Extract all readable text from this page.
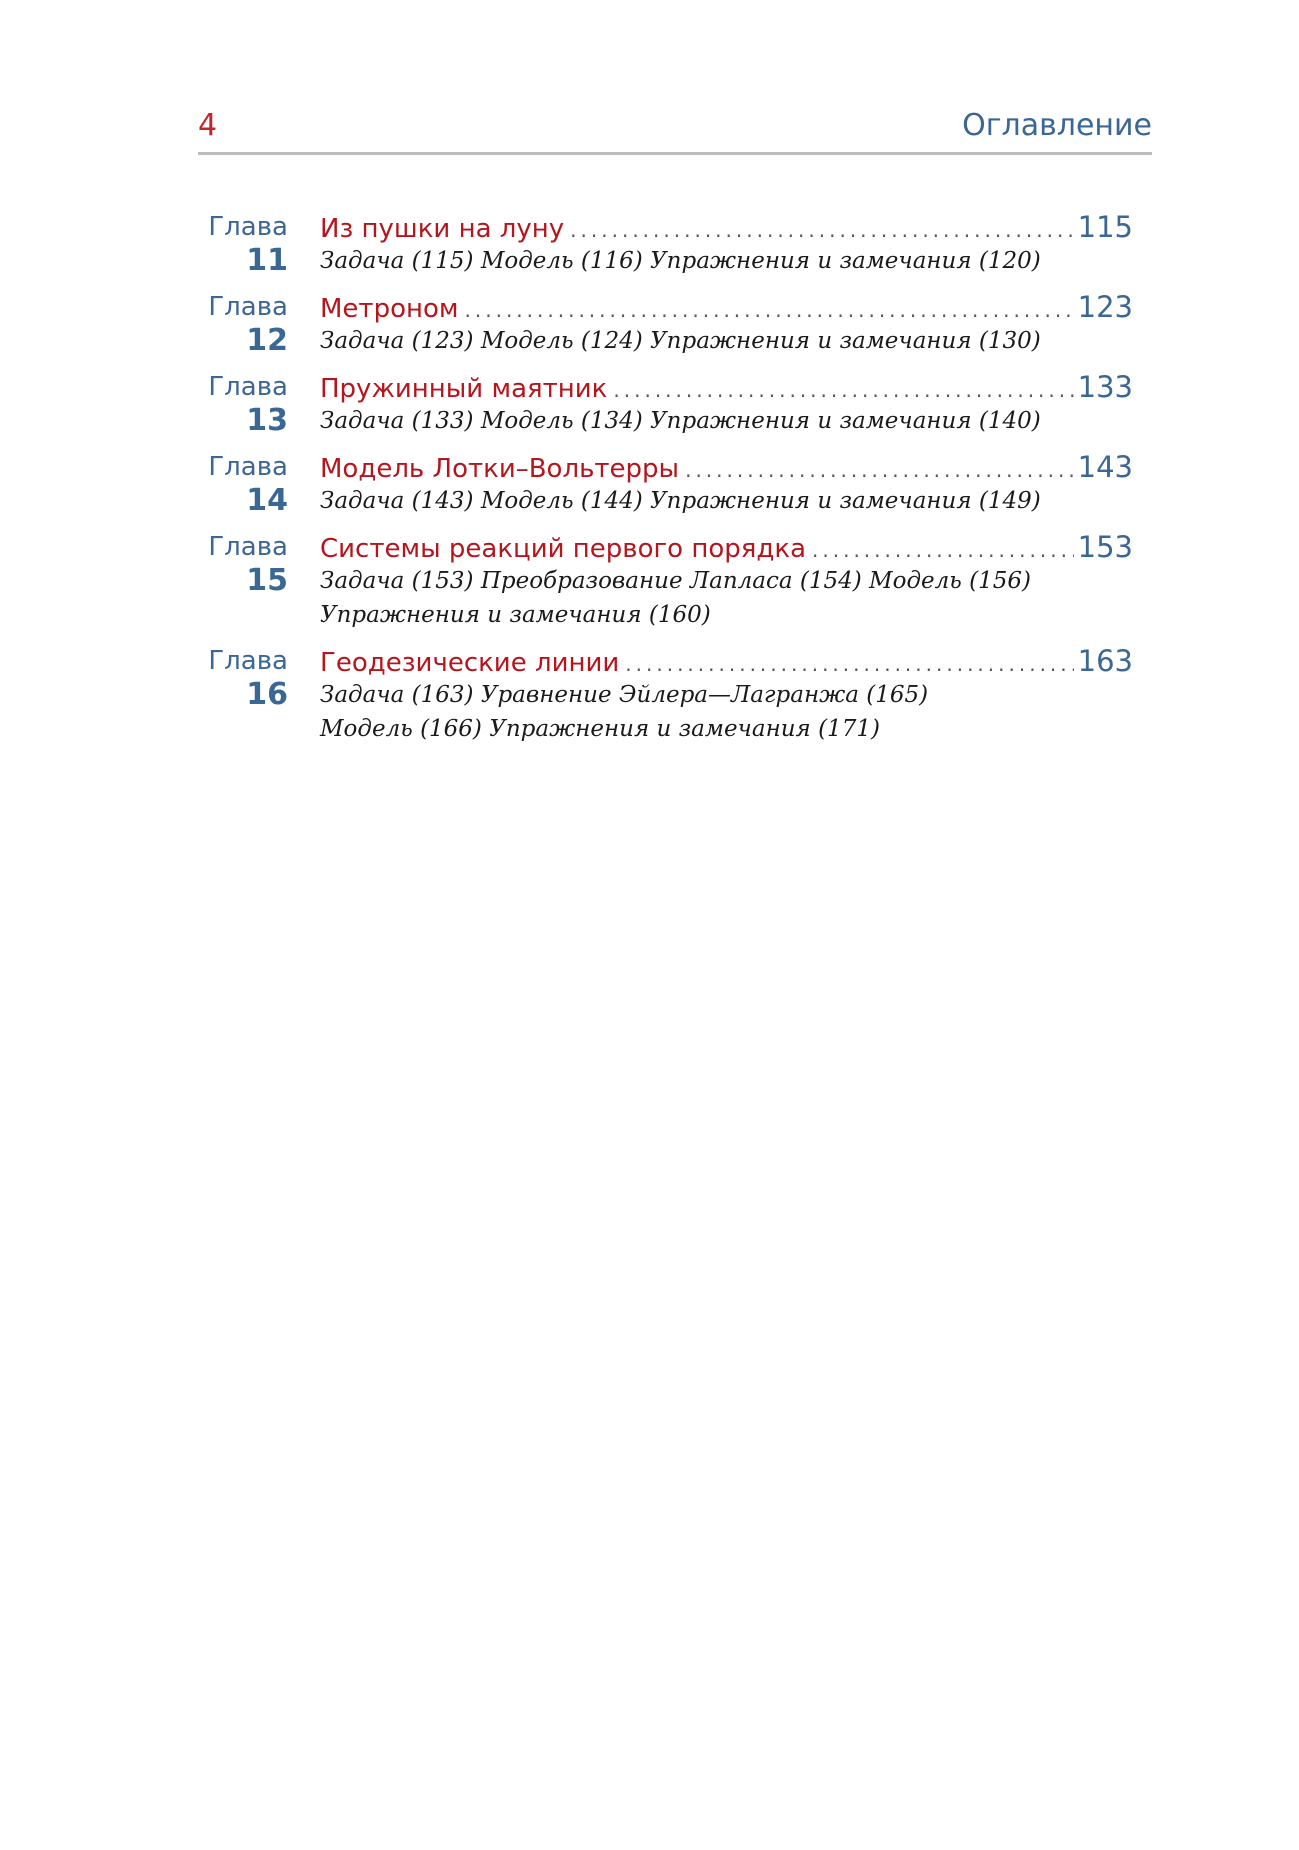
4	Оглавление
Глава
11
Из пушки на луну .....	115
Задача (115) Модель (116) Упражнения и замечания (120)
Глава
12
Метроном .....	123
Задача (123) Модель (124) Упражнения и замечания (130)
Глава
13
Пружинный маятник .....	133
Задача (133) Модель (134) Упражнения и замечания (140)
Глава
14
Модель Лотки–Вольтерры .....	143
Задача (143) Модель (144) Упражнения и замечания (149)
Глава
15
Системы реакций первого порядка .....	153
Задача (153) Преобразование Лапласа (154) Модель (156)
Упражнения и замечания (160)
Глава
16
Геодезические линии .....	163
Задача (163) Уравнение Эйлера—Лагранжа (165)
Модель (166) Упражнения и замечания (171)
